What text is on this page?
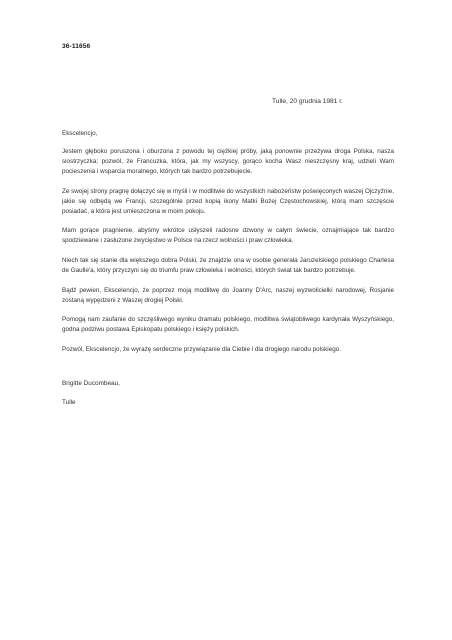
36-11656
Tulle, 20 grudnia 1981 r.

Ekscelencjo,

Jestem głęboko poruszona i oburzona z powodu tej ciężkiej próby, jaką ponownie przeżywa droga Polska, nasza siostrzyczka; pozwól, że Francuzka, która, jak my wszyscy, gorąco kocha Wasz nieszczęsny kraj, udzieli Wam pocieszenia i wsparcia moralnego, których tak bardzo potrzebujecie.

Ze swojej strony pragnę dołączyć się w myśli i w modlitwie do wszystkich nabożeństw poświęconych waszej Ojczyźnie, jakie się odbędą we Francji, szczególnie przed kopią ikony Matki Bożej Częstochowskiej, którą mam szczęście posiadać, a która jest umieszczona w moim pokoju.

Mam gorące pragnienie, abyśmy wkrótce usłyszeli radosne dzwony w całym świecie, oznajmiające tak bardzo spodziewane i zasłużone zwycięstwo w Polsce na rzecz wolności i praw człowieka.

Niech tak się stanie dla większego dobra Polski, że znajdzie ona w osobie generała Jaruzelskiego polskiego Charlesa de Gaulle'a, który przyczyni się do triumfu praw człowieka i wolności, których świat tak bardzo potrzebuje.

Bądź pewien, Ekscelencjo, że poprzez moją modlitwę do Joanny D'Arc, naszej wyzwolicielki narodowej, Rosjanie zostaną wypędzeni z Waszej drogiej Polski.

Pomogą nam zaufanie do szczęśliwego wyniku dramatu polskiego, modlitwa świątobliwego kardynała Wyszyńskiego, godna podziwu postawa Episkopatu polskiego i księży polskich.

Pozwól, Ekscelencjo, że wyrażę serdeczne przywiązanie dla Ciebie i dla drogiego narodu polskiego.

Brigitte Ducombeau,
Tulle
